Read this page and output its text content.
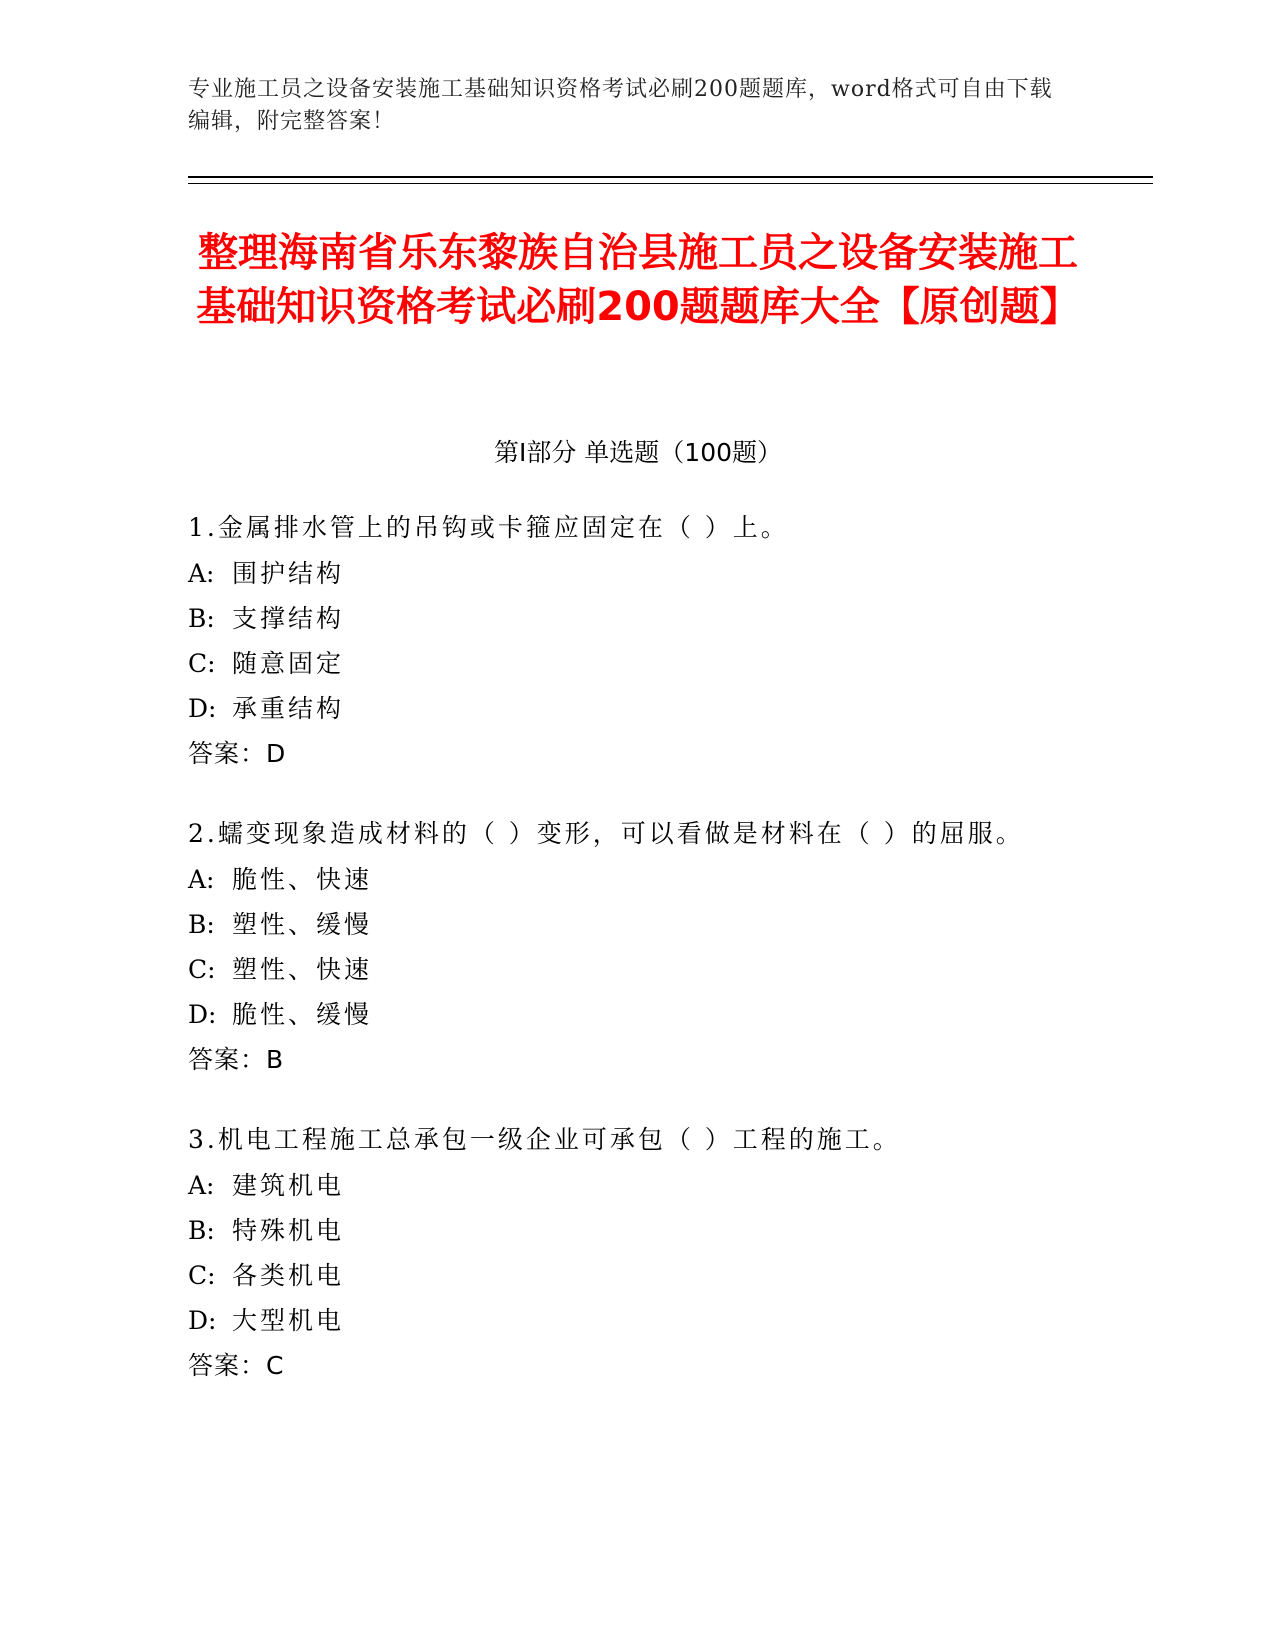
专业施工员之设备安装施工基础知识资格考试必刷200题题库，word格式可自由下载编辑，附完整答案！
整理海南省乐东黎族自治县施工员之设备安装施工基础知识资格考试必刷200题题库大全【原创题】
第Ⅰ部分 单选题（100题）
1.金属排水管上的吊钩或卡箍应固定在（ ）上。
A: 围护结构
B: 支撑结构
C: 随意固定
D: 承重结构
答案：D
2.蠕变现象造成材料的（ ）变形，可以看做是材料在（ ）的屈服。
A: 脆性、快速
B: 塑性、缓慢
C: 塑性、快速
D: 脆性、缓慢
答案：B
3.机电工程施工总承包一级企业可承包（ ）工程的施工。
A: 建筑机电
B: 特殊机电
C: 各类机电
D: 大型机电
答案：C
